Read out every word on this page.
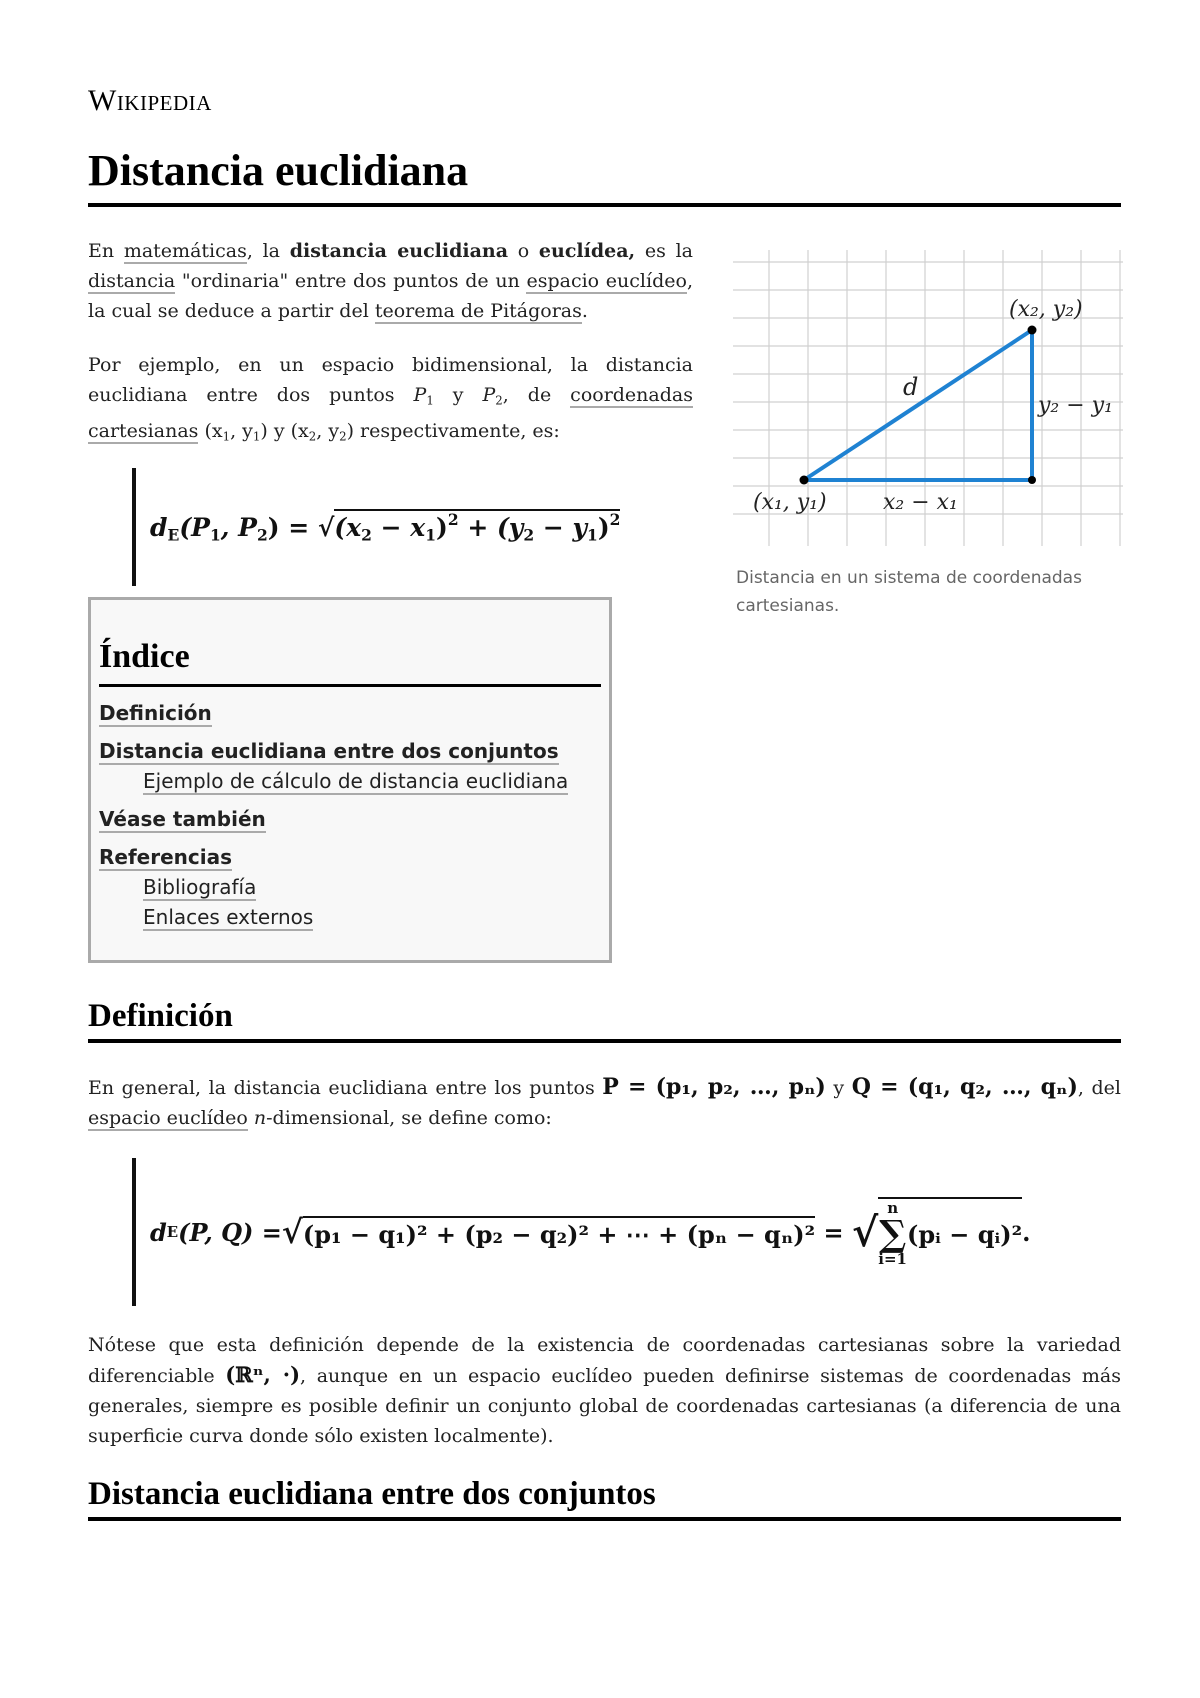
Wikipedia
Distancia euclidiana

En matemáticas, la distancia euclidiana o euclídea, es la distancia "ordinaria" entre dos puntos de un espacio euclídeo, la cual se deduce a partir del teorema de Pitágoras.

Por ejemplo, en un espacio bidimensional, la distancia euclidiana entre dos puntos $P_1$ y $P_2$, de coordenadas cartesianas ($x_1$, $y_1$) y ($x_2$, $y_2$) respectivamente, es:

$d_E(P_1$, $P_2) = √(x_2 - x_1)^2 + (y_2 - y_1)^2$
Índice

Definición

Distancia euclidiana entre dos conjuntos

Ejemplo de cálculo de distancia euclidiana

Véase también

Referencias

Bibliografía

Enlaces externos

(x₂, y₂)
(x₁, y₁)
d
x₂ − x₁
y₂ − y₁
Distancia en un sistema de coordenadas cartesianas.
Definición

En general, la distancia euclidiana entre los puntos P = (p₁, p₂, …, pₙ) y Q = (q₁, q₂, …, qₙ), del espacio euclídeo n-dimensional, se define como:

d E (P, Q) = √ (p₁ − q₁)² + (p₂ − q₂)² + ⋯ + (pₙ − qₙ)² = √
n
∑
i=1
(pᵢ − qᵢ)² .

Nótese que esta definición depende de la existencia de coordenadas cartesianas sobre la variedad diferenciable (ℝⁿ, ·), aunque en un espacio euclídeo pueden definirse sistemas de coordenadas más generales, siempre es posible definir un conjunto global de coordenadas cartesianas (a diferencia de una superficie curva donde sólo existen localmente).

Distancia euclidiana entre dos conjuntos
